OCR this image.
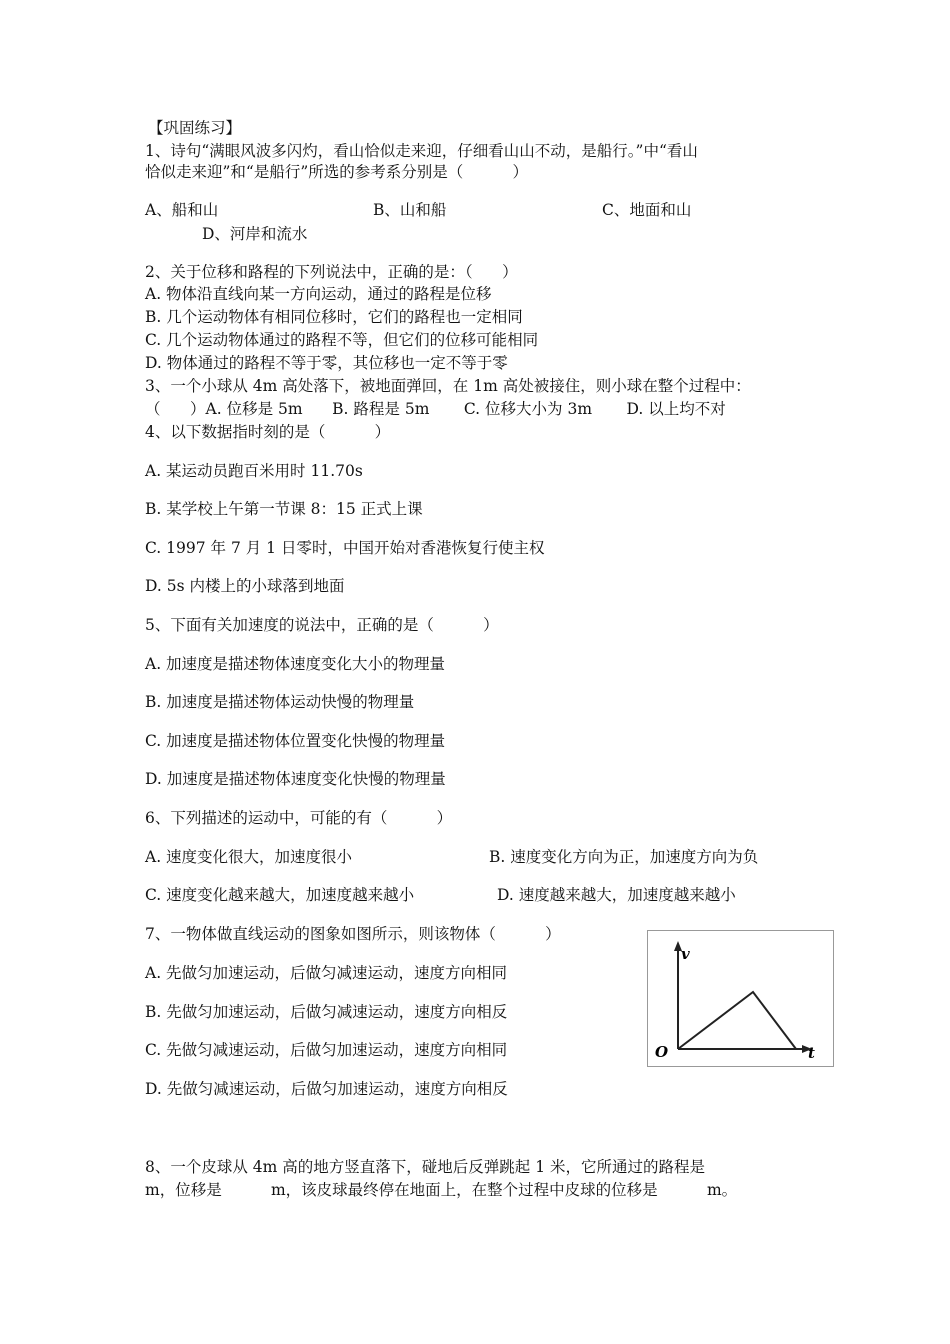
【巩固练习】
1、诗句“满眼风波多闪灼，看山恰似走来迎，仔细看山山不动，是船行。”中“看山
恰似走来迎”和“是船行”所选的参考系分别是（          ）
A、船和山	B、山和船	C、地面和山
D、河岸和流水
2、关于位移和路程的下列说法中，正确的是：（      ）
A. 物体沿直线向某一方向运动，通过的路程是位移
B. 几个运动物体有相同位移时，它们的路程也一定相同
C. 几个运动物体通过的路程不等，但它们的位移可能相同
D. 物体通过的路程不等于零，其位移也一定不等于零
3、一个小球从 4m 高处落下，被地面弹回，在 1m 高处被接住，则小球在整个过程中：
（      ）A. 位移是 5m      B. 路程是 5m       C. 位移大小为 3m       D. 以上均不对
4、以下数据指时刻的是（          ）
A. 某运动员跑百米用时 11.70s
B. 某学校上午第一节课 8：15 正式上课
C. 1997 年 7 月 1 日零时，中国开始对香港恢复行使主权
D. 5s 内楼上的小球落到地面
5、下面有关加速度的说法中，正确的是（          ）
A. 加速度是描述物体速度变化大小的物理量
B. 加速度是描述物体运动快慢的物理量
C. 加速度是描述物体位置变化快慢的物理量
D. 加速度是描述物体速度变化快慢的物理量
6、下列描述的运动中，可能的有（          ）
A. 速度变化很大，加速度很小	B. 速度变化方向为正，加速度方向为负
C. 速度变化越来越大，加速度越来越小	D. 速度越来越大，加速度越来越小
7、一物体做直线运动的图象如图所示，则该物体（          ）
A. 先做匀加速运动，后做匀减速运动，速度方向相同
B. 先做匀加速运动，后做匀减速运动，速度方向相反
C. 先做匀减速运动，后做匀加速运动，速度方向相同
D. 先做匀减速运动，后做匀加速运动，速度方向相反
v
t
O
8、一个皮球从 4m 高的地方竖直落下，碰地后反弹跳起 1 米，它所通过的路程是
m，位移是          m，该皮球最终停在地面上，在整个过程中皮球的位移是          m。
